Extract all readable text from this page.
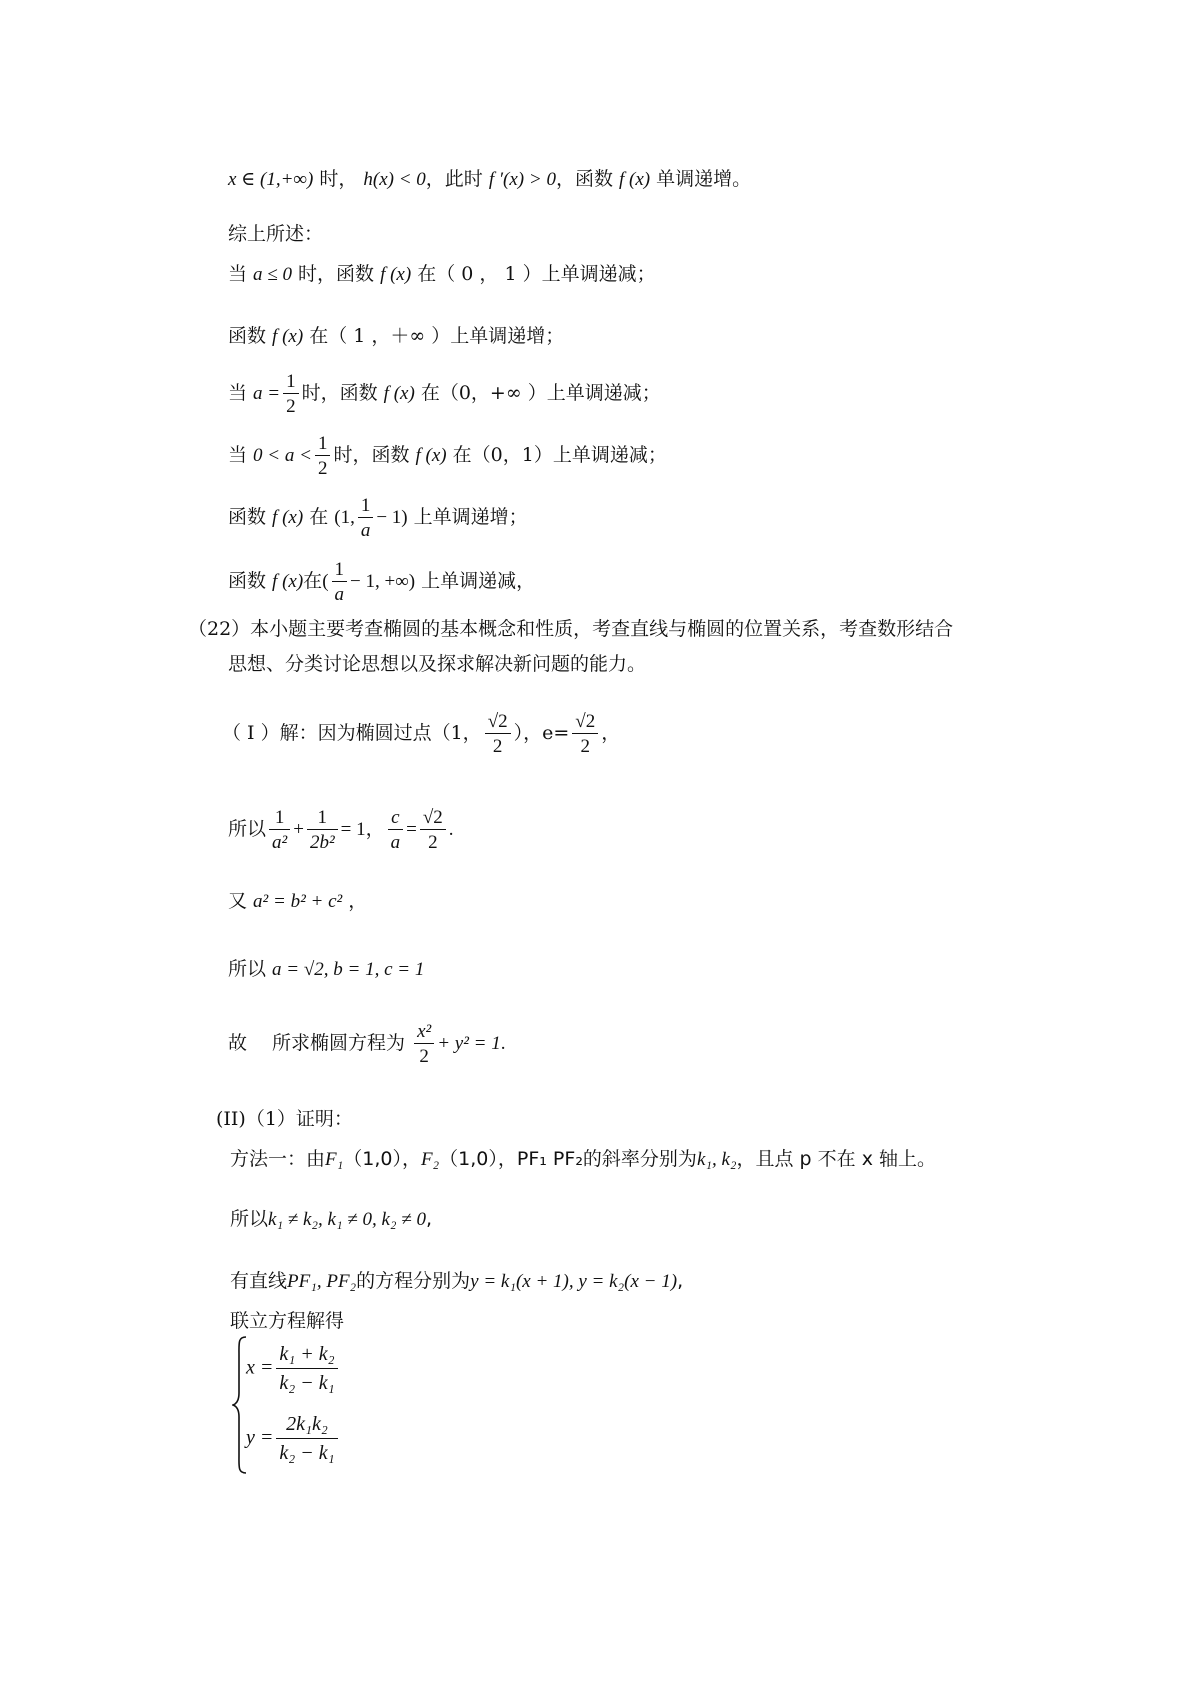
x ∈ (1,+∞) 时， h(x) < 0，此时 f ′(x) > 0，函数 f (x) 单调递增。
综上所述：
当 a ≤ 0 时，函数 f (x) 在（ 0 ， 1 ）上单调递减；
函数 f (x) 在（ 1 ，＋∞ ）上单调递增；
当 $a = \frac{1}{2}$ 时，函数 f (x) 在（0，+∞ ）上单调递减；
当 $0 < a < \frac{1}{2}$ 时，函数 f (x) 在（0，1）上单调递减；
函数 f (x) 在 (1, $\frac{1}{a} - 1$) 上单调递增；
函数 f (x)在( $\frac{1}{a} - 1$, +∞) 上单调递减，
（22）本小题主要考查椭圆的基本概念和性质，考查直线与椭圆的位置关系，考查数形结合
思想、分类讨论思想以及探求解决新问题的能力。
（ I ）解：因为椭圆过点（1， $\frac{√2}{2}$ ），$e= \frac{√2}{2}$ ，
所以 $\frac{1}{\text{a²}} + \frac{1}{\text{2b²}} = 1$， $\frac{c}{a} = \frac{√2}{2}$ .
又 a² = b² + c² ，
所以 a = √2, b = 1, c = 1
故　 所求椭圆方程为 $\frac{\text{x²}}{2} + y^2 = 1$.
(II)（1）证明：
方法一：由F₁（1,0），F₂（1,0），PF₁ PF₂的斜率分别为k₁, k₂，且点 p 不在 x 轴上。
所以k₁ ≠ k₂, k₁ ≠ 0, k₂ ≠ 0,
有直线PF₁, PF₂的方程分别为y = k₁(x + 1), y = k₂(x − 1),
联立方程解得
$x = \frac{\text{k₁ + k₂}}{\text{k₂ − k₁}}$
$y = \frac{\text{2k₁k₂}}{\text{k₂ − k₁}}$
